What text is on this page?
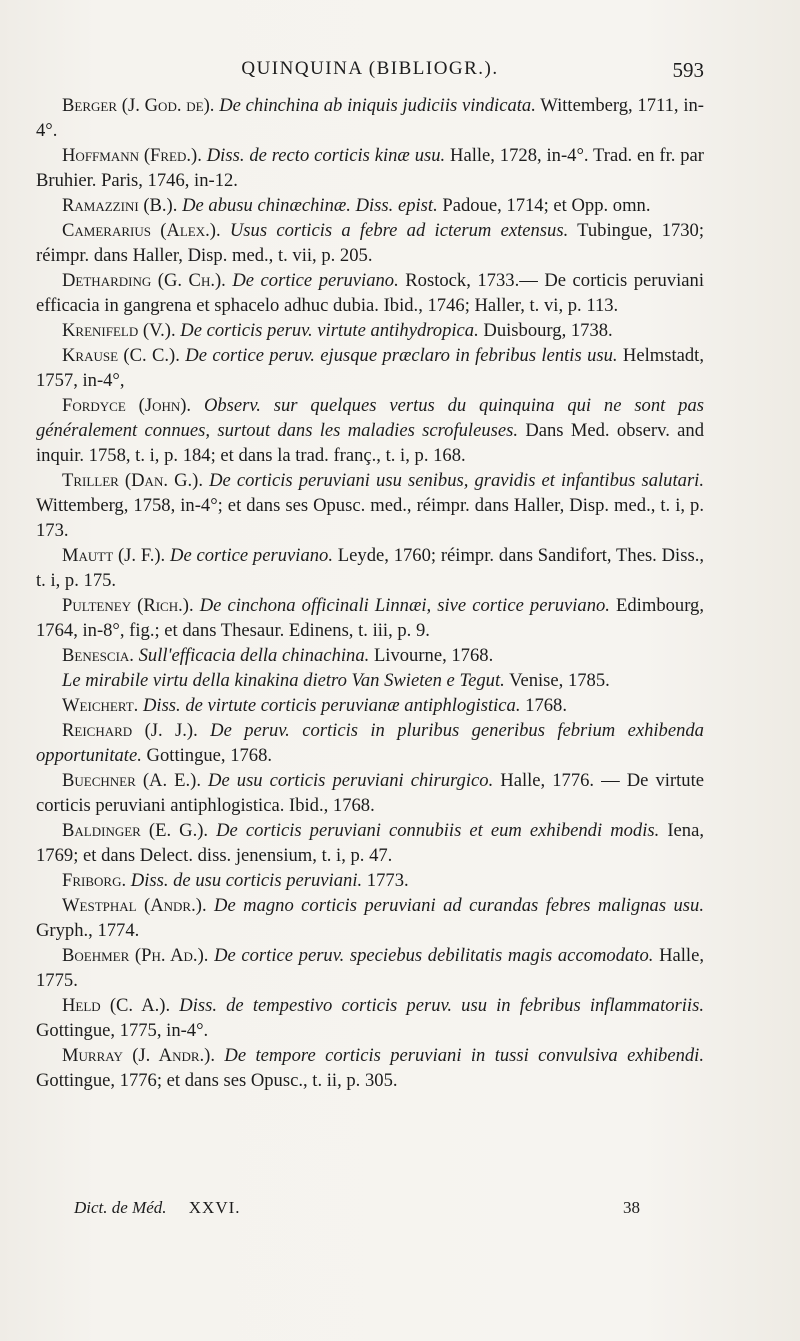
QUINQUINA (BIBLIOGR.).	593

Berger (J. God. de). De chinchina ab iniquis judiciis vindicata. Wittemberg, 1711, in-4°.

Hoffmann (Fred.). Diss. de recto corticis kinæ usu. Halle, 1728, in-4°. Trad. en fr. par Bruhier. Paris, 1746, in-12.

Ramazzini (B.). De abusu chinæchinæ. Diss. epist. Padoue, 1714; et Opp. omn.

Camerarius (Alex.). Usus corticis a febre ad icterum extensus. Tubingue, 1730; réimpr. dans Haller, Disp. med., t. vii, p. 205.

Detharding (G. Ch.). De cortice peruviano. Rostock, 1733.— De corticis peruviani efficacia in gangrena et sphacelo adhuc dubia. Ibid., 1746; Haller, t. vi, p. 113.

Krenifeld (V.). De corticis peruv. virtute antihydropica. Duisbourg, 1738.

Krause (C. C.). De cortice peruv. ejusque præclaro in febribus lentis usu. Helmstadt, 1757, in-4°,

Fordyce (John). Observ. sur quelques vertus du quinquina qui ne sont pas généralement connues, surtout dans les maladies scrofuleuses. Dans Med. observ. and inquir. 1758, t. i, p. 184; et dans la trad. franç., t. i, p. 168.

Triller (Dan. G.). De corticis peruviani usu senibus, gravidis et infantibus salutari. Wittemberg, 1758, in-4°; et dans ses Opusc. med., réimpr. dans Haller, Disp. med., t. i, p. 173.

Mautt (J. F.). De cortice peruviano. Leyde, 1760; réimpr. dans Sandifort, Thes. Diss., t. i, p. 175.

Pulteney (Rich.). De cinchona officinali Linnæi, sive cortice peruviano. Edimbourg, 1764, in-8°, fig.; et dans Thesaur. Edinens, t. iii, p. 9.

Benescia. Sull'efficacia della chinachina. Livourne, 1768.

Le mirabile virtu della kinakina dietro Van Swieten e Tegut. Venise, 1785.

Weichert. Diss. de virtute corticis peruvianæ antiphlogistica. 1768.

Reichard (J. J.). De peruv. corticis in pluribus generibus febrium exhibenda opportunitate. Gottingue, 1768.

Buechner (A. E.). De usu corticis peruviani chirurgico. Halle, 1776. — De virtute corticis peruviani antiphlogistica. Ibid., 1768.

Baldinger (E. G.). De corticis peruviani connubiis et eum exhibendi modis. Iena, 1769; et dans Delect. diss. jenensium, t. i, p. 47.

Friborg. Diss. de usu corticis peruviani. 1773.

Westphal (Andr.). De magno corticis peruviani ad curandas febres malignas usu. Gryph., 1774.

Boehmer (Ph. Ad.). De cortice peruv. speciebus debilitatis magis accomodato. Halle, 1775.

Held (C. A.). Diss. de tempestivo corticis peruv. usu in febribus inflammatoriis. Gottingue, 1775, in-4°.

Murray (J. Andr.). De tempore corticis peruviani in tussi convulsiva exhibendi. Gottingue, 1776; et dans ses Opusc., t. ii, p. 305.

Dict. de Méd. XXVI.	38
